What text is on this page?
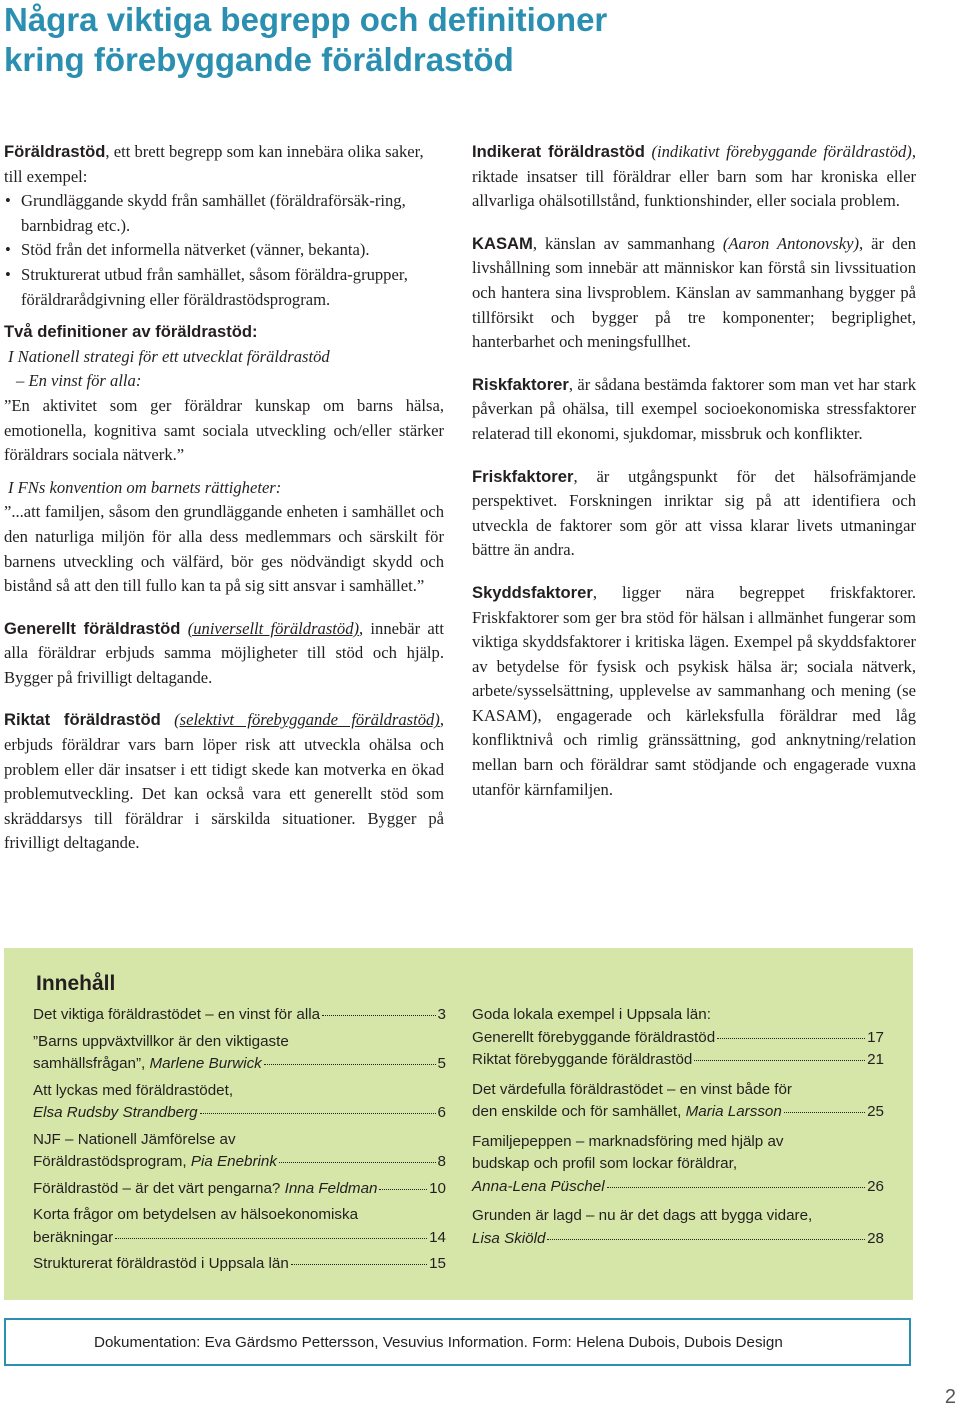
Några viktiga begrepp och definitioner
kring förebyggande föräldrastöd

Föräldrastöd, ett brett begrepp som kan innebära olika saker, till exempel:

• Grundläggande skydd från samhället (föräldraförsäk-ring, barnbidrag etc.).

• Stöd från det informella nätverket (vänner, bekanta).

• Strukturerat utbud från samhället, såsom föräldra-grupper, föräldrarådgivning eller föräldrastödsprogram.

Två definitioner av föräldrastöd:

I Nationell strategi för ett utvecklat föräldrastöd

– En vinst för alla:

”En aktivitet som ger föräldrar kunskap om barns hälsa, emotionella, kognitiva samt sociala utveckling och/eller stärker föräldrars sociala nätverk.”

I FNs konvention om barnets rättigheter:

”...att familjen, såsom den grundläggande enheten i samhället och den naturliga miljön för alla dess medlemmars och särskilt för barnens utveckling och välfärd, bör ges nödvändigt skydd och bistånd så att den till fullo kan ta på sig sitt ansvar i samhället.”

Generellt föräldrastöd (universellt föräldrastöd), innebär att alla föräldrar erbjuds samma möjligheter till stöd och hjälp. Bygger på frivilligt deltagande.

Riktat föräldrastöd (selektivt förebyggande föräldrastöd), erbjuds föräldrar vars barn löper risk att utveckla ohälsa och problem eller där insatser i ett tidigt skede kan motverka en ökad problemutveckling. Det kan också vara ett generellt stöd som skräddarsys till föräldrar i särskilda situationer. Bygger på frivilligt deltagande.

Indikerat föräldrastöd (indikativt förebyggande föräldrastöd), riktade insatser till föräldrar eller barn som har kroniska eller allvarliga ohälsotillstånd, funktionshinder, eller sociala problem.

KASAM, känslan av sammanhang (Aaron Antonovsky), är den livshållning som innebär att människor kan förstå sin livssituation och hantera sina livsproblem. Känslan av sammanhang bygger på tillförsikt och bygger på tre komponenter; begriplighet, hanterbarhet och meningsfullhet.

Riskfaktorer, är sådana bestämda faktorer som man vet har stark påverkan på ohälsa, till exempel socioekonomiska stressfaktorer relaterad till ekonomi, sjukdomar, missbruk och konflikter.

Friskfaktorer, är utgångspunkt för det hälsofrämjande perspektivet. Forskningen inriktar sig på att identifiera och utveckla de faktorer som gör att vissa klarar livets utmaningar bättre än andra.

Skyddsfaktorer, ligger nära begreppet friskfaktorer. Friskfaktorer som ger bra stöd för hälsan i allmänhet fungerar som viktiga skyddsfaktorer i kritiska lägen. Exempel på skyddsfaktorer av betydelse för fysisk och psykisk hälsa är; sociala nätverk, arbete/sysselsättning, upplevelse av sammanhang och mening (se KASAM), engagerade och kärleksfulla föräldrar med låg konfliktnivå och rimlig gränssättning, god anknytning/relation mellan barn och föräldrar samt stödjande och engagerade vuxna utanför kärnfamiljen.

Innehåll
Det viktiga föräldrastödet – en vinst för alla	3
”Barns uppväxtvillkor är den viktigaste
samhällsfrågan”, Marlene Burwick	5
Att lyckas med föräldrastödet,
Elsa Rudsby Strandberg	6
NJF – Nationell Jämförelse av
Föräldrastödsprogram, Pia Enebrink	8
Föräldrastöd – är det värt pengarna? Inna Feldman	10
Korta frågor om betydelsen av hälsoekonomiska
beräkningar	14
Strukturerat föräldrastöd i Uppsala län	15
Goda lokala exempel i Uppsala län:
Generellt förebyggande föräldrastöd	17
Riktat förebyggande föräldrastöd	21
Det värdefulla föräldrastödet – en vinst både för
den enskilde och för samhället, Maria Larsson	25
Familjepeppen – marknadsföring med hjälp av
budskap och profil som lockar föräldrar,
Anna-Lena Püschel	26
Grunden är lagd – nu är det dags att bygga vidare,
Lisa Skiöld	28
Dokumentation: Eva Gärdsmo Pettersson, Vesuvius Information. Form: Helena Dubois, Dubois Design
2
